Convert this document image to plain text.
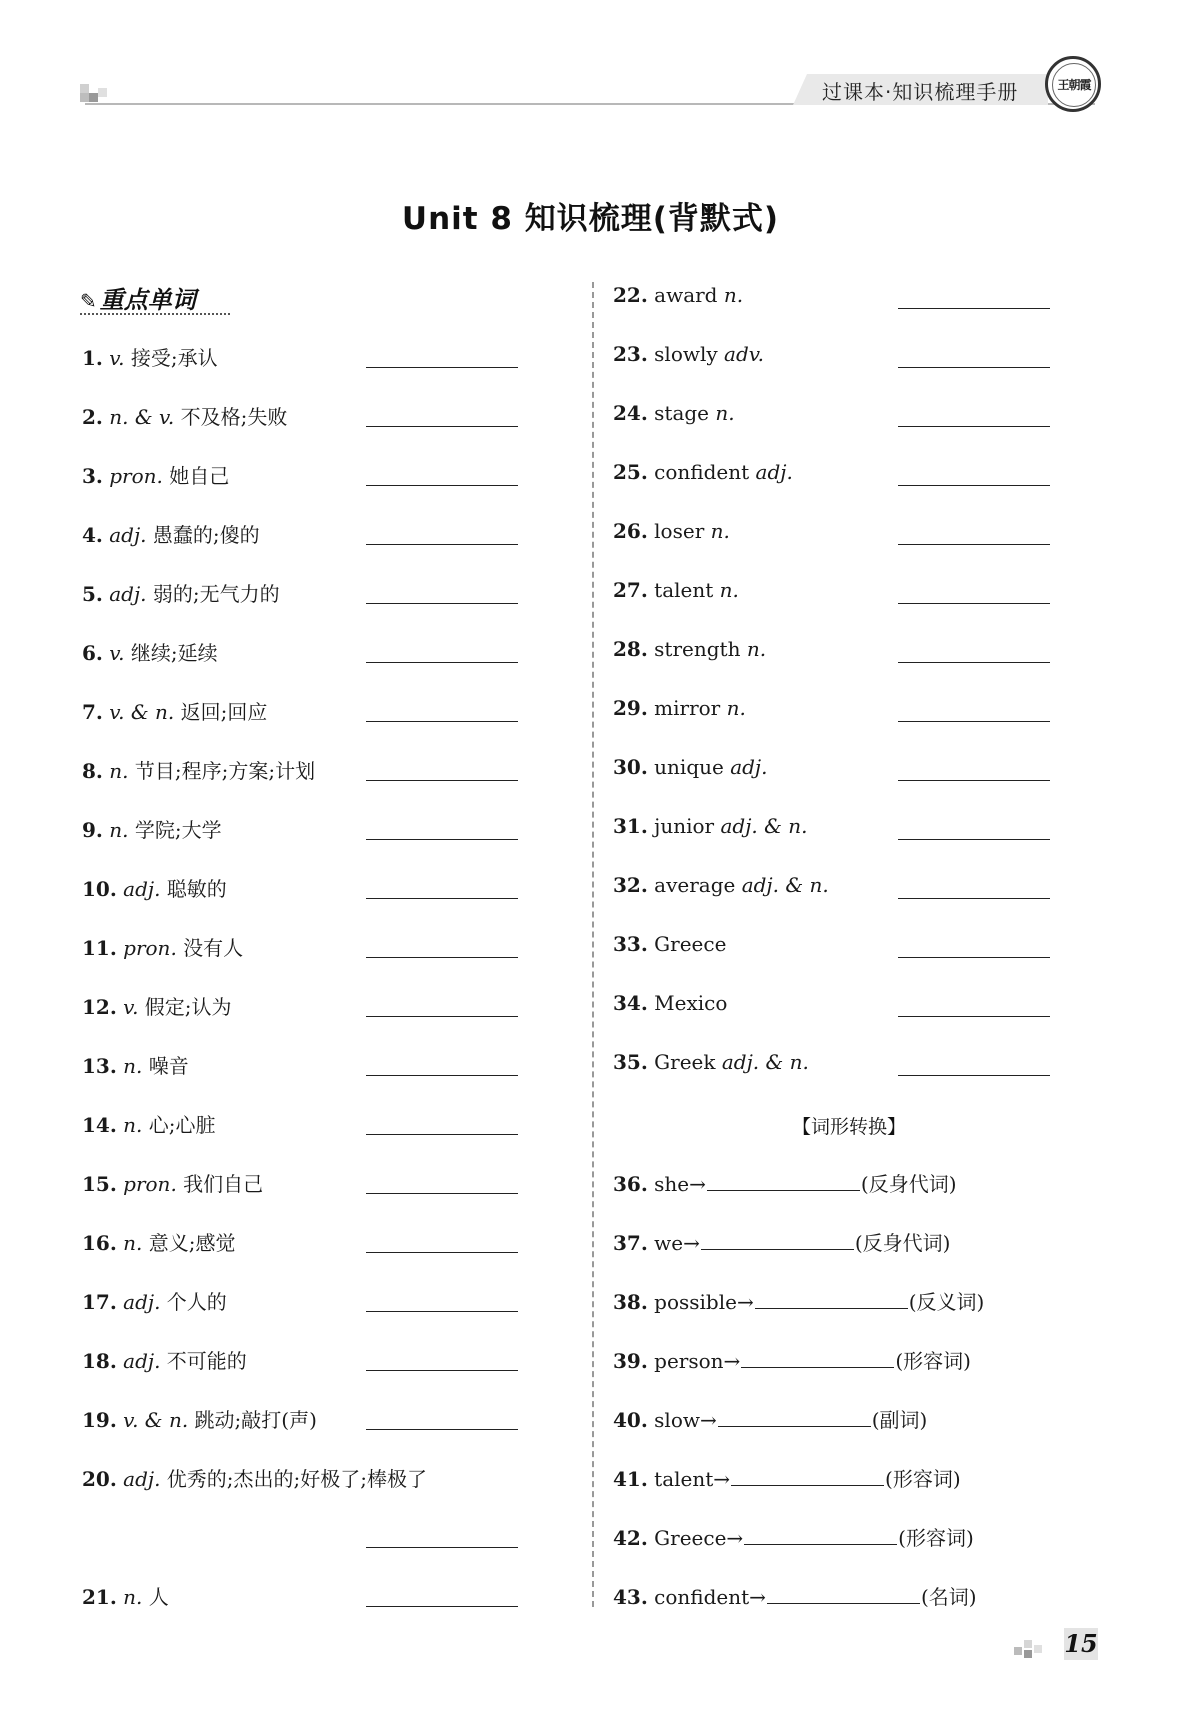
过课本·知识梳理手册	王朝霞
Unit 8 知识梳理(背默式)
✎ 重点单词
1. v. 接受;承认
2. n. & v. 不及格;失败
3. pron. 她自己
4. adj. 愚蠢的;傻的
5. adj. 弱的;无气力的
6. v. 继续;延续
7. v. & n. 返回;回应
8. n. 节目;程序;方案;计划
9. n. 学院;大学
10. adj. 聪敏的
11. pron. 没有人
12. v. 假定;认为
13. n. 噪音
14. n. 心;心脏
15. pron. 我们自己
16. n. 意义;感觉
17. adj. 个人的
18. adj. 不可能的
19. v. & n. 跳动;敲打(声)
20. adj. 优秀的;杰出的;好极了;棒极了
21. n. 人
22. award n.
23. slowly adv.
24. stage n.
25. confident adj.
26. loser n.
27. talent n.
28. strength n.
29. mirror n.
30. unique adj.
31. junior adj. & n.
32. average adj. & n.
33. Greece
34. Mexico
35. Greek adj. & n.
【词形转换】
36. she→	(反身代词)
37. we→	(反身代词)
38. possible→	(反义词)
39. person→	(形容词)
40. slow→	(副词)
41. talent→	(形容词)
42. Greece→	(形容词)
43. confident→	(名词)
15
